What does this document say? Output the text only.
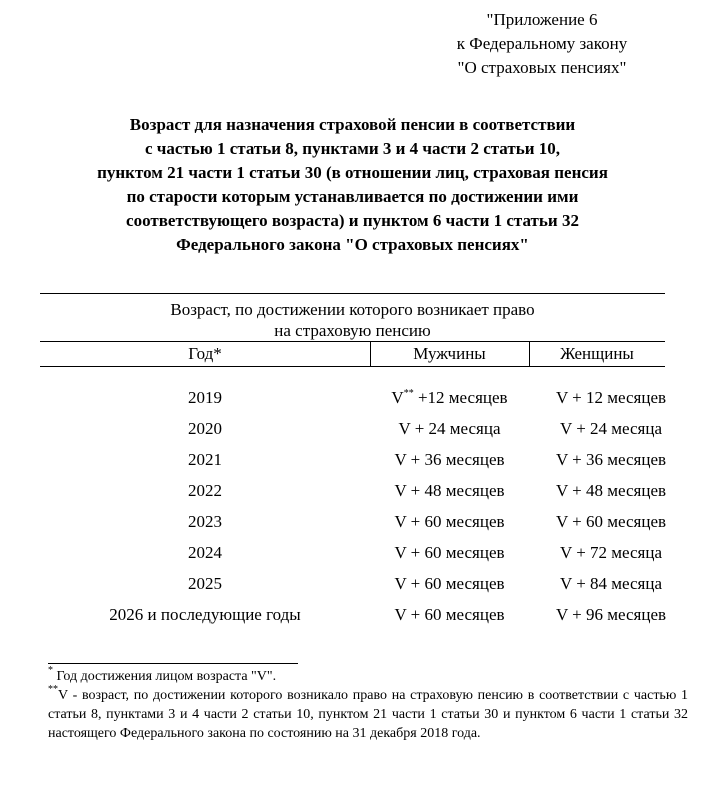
"Приложение 6
к Федеральному закону
"О страховых пенсиях"
Возраст для назначения страховой пенсии в соответствии
с частью 1 статьи 8, пунктами 3 и 4 части 2 статьи 10,
пунктом 21 части 1 статьи 30 (в отношении лиц, страховая пенсия
по старости которым устанавливается по достижении ими
соответствующего возраста) и пунктом 6 части 1 статьи 32
Федерального закона "О страховых пенсиях"
Возраст, по достижении которого возникает право
на страховую пенсию
Год*	Мужчины	Женщины
2019	V** +12 месяцев	V + 12 месяцев
2020	V + 24 месяца	V + 24 месяца
2021	V + 36 месяцев	V + 36 месяцев
2022	V + 48 месяцев	V + 48 месяцев
2023	V + 60 месяцев	V + 60 месяцев
2024	V + 60 месяцев	V + 72 месяца
2025	V + 60 месяцев	V + 84 месяца
2026 и последующие годы	V + 60 месяцев	V + 96 месяцев
* Год достижения лицом возраста "V".
**V - возраст, по достижении которого возникало право на страховую пенсию в соответствии с частью 1 статьи 8, пунктами 3 и 4 части 2 статьи 10, пунктом 21 части 1 статьи 30 и пунктом 6 части 1 статьи 32 настоящего Федерального закона по состоянию на 31 декабря 2018 года.
